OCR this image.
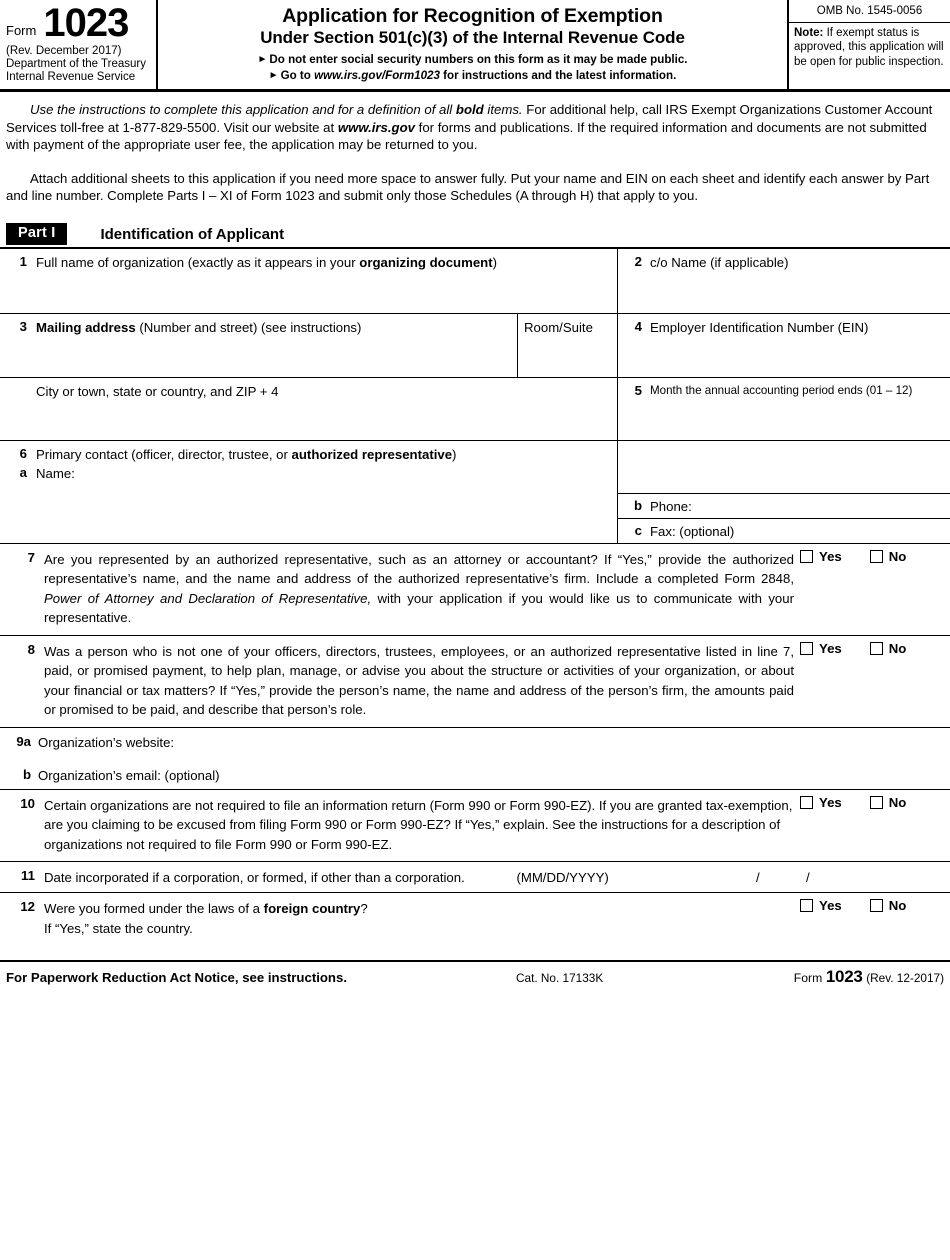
Form 1023
(Rev. December 2017)
Department of the Treasury
Internal Revenue Service
Application for Recognition of Exemption
Under Section 501(c)(3) of the Internal Revenue Code
► Do not enter social security numbers on this form as it may be made public.
► Go to www.irs.gov/Form1023 for instructions and the latest information.
OMB No. 1545-0056
Note: If exempt status is approved, this application will be open for public inspection.

Use the instructions to complete this application and for a definition of all bold items. For additional help, call IRS Exempt Organizations Customer Account Services toll-free at 1-877-829-5500. Visit our website at www.irs.gov for forms and publications. If the required information and documents are not submitted with payment of the appropriate user fee, the application may be returned to you.

Attach additional sheets to this application if you need more space to answer fully. Put your name and EIN on each sheet and identify each answer by Part and line number. Complete Parts I – XI of Form 1023 and submit only those Schedules (A through H) that apply to you.

Part I	Identification of Applicant
1 Full name of organization (exactly as it appears in your organizing document)	2 c/o Name (if applicable)
3 Mailing address (Number and street) (see instructions)	Room/Suite	4 Employer Identification Number (EIN)
City or town, state or country, and ZIP + 4	5 Month the annual accounting period ends (01 – 12)
6 Primary contact (officer, director, trustee, or authorized representative)
a Name:
b Phone:
c Fax: (optional)
7 Are you represented by an authorized representative, such as an attorney or accountant? If “Yes,” provide the authorized representative’s name, and the name and address of the authorized representative’s firm. Include a completed Form 2848, Power of Attorney and Declaration of Representative, with your application if you would like us to communicate with your representative.
Yes	No
8 Was a person who is not one of your officers, directors, trustees, employees, or an authorized representative listed in line 7, paid, or promised payment, to help plan, manage, or advise you about the structure or activities of your organization, or about your financial or tax matters? If “Yes,” provide the person’s name, the name and address of the person’s firm, the amounts paid or promised to be paid, and describe that person’s role.
Yes	No
9a Organization’s website:
b Organization’s email: (optional)
10 Certain organizations are not required to file an information return (Form 990 or Form 990-EZ). If you are granted tax-exemption, are you claiming to be excused from filing Form 990 or Form 990-EZ? If “Yes,” explain. See the instructions for a description of organizations not required to file Form 990 or Form 990-EZ.
Yes	No
11 Date incorporated if a corporation, or formed, if other than a corporation.	(MM/DD/YYYY)	/	/
12 Were you formed under the laws of a foreign country?
If “Yes,” state the country.
Yes	No
For Paperwork Reduction Act Notice, see instructions.	Cat. No. 17133K	Form 1023 (Rev. 12-2017)
